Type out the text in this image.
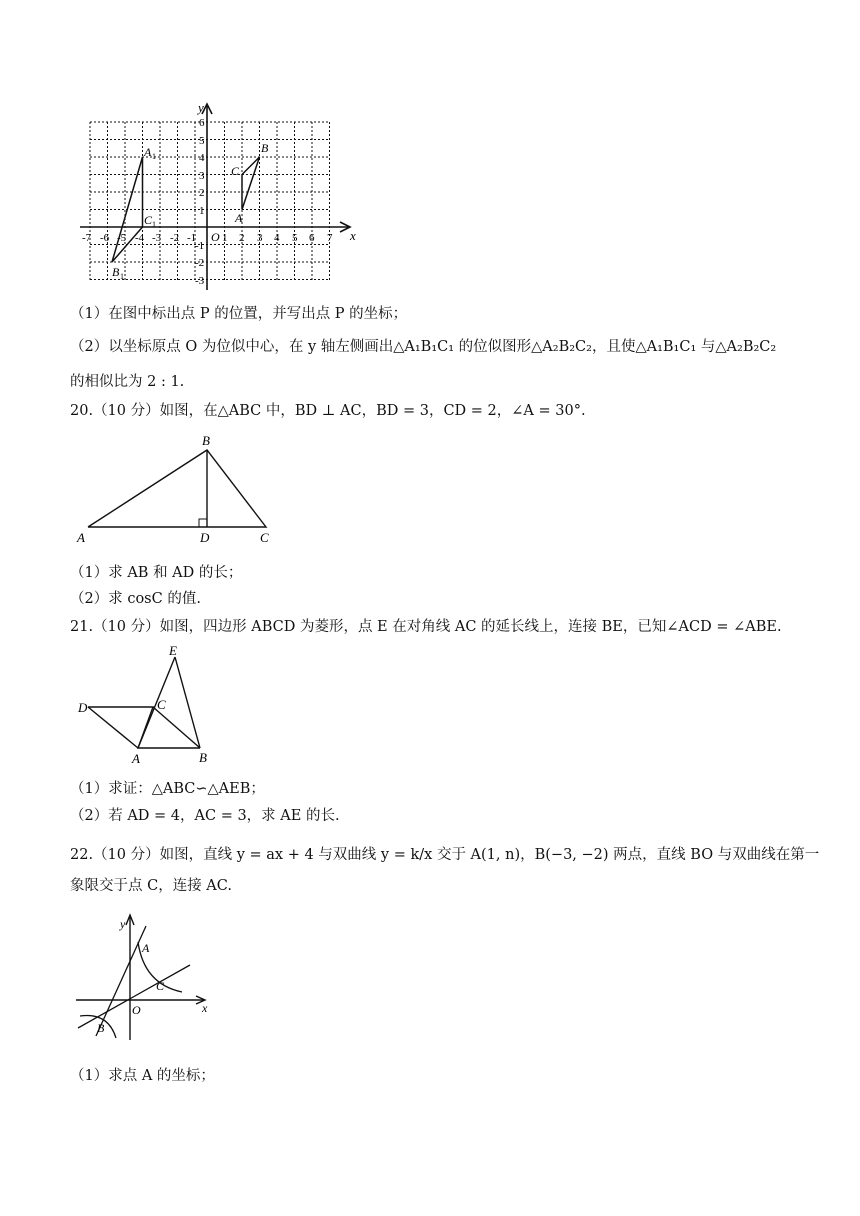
x
y
O
-7 -6 -5 -4 -3 -2 -1 1 2 3 4 5 6 7
6
5
4
3
2
1
-1
-2
-3
A 1
B 1
C 1	A
B
C
（1）在图中标出点 P 的位置，并写出点 P 的坐标；
（2）以坐标原点 O 为位似中心，在 y 轴左侧画出△A₁B₁C₁ 的位似图形△A₂B₂C₂，且使△A₁B₁C₁ 与△A₂B₂C₂
的相似比为 2 : 1.
20.（10 分）如图，在△ABC 中，BD ⊥ AC，BD = 3，CD = 2，∠A = 30°.
A
B
C
D
（1）求 AB 和 AD 的长；
（2）求 cosC 的值.
21.（10 分）如图，四边形 ABCD 为菱形，点 E 在对角线 AC 的延长线上，连接 BE，已知∠ACD = ∠ABE.
E
D	C
A	B
（1）求证：△ABC∽△AEB；
（2）若 AD = 4，AC = 3，求 AE 的长.
22.（10 分）如图，直线 y = ax + 4 与双曲线 y = k/x 交于 A(1, n)，B(−3, −2) 两点，直线 BO 与双曲线在第一
象限交于点 C，连接 AC.
x
y
O
A
B
C
（1）求点 A 的坐标；
